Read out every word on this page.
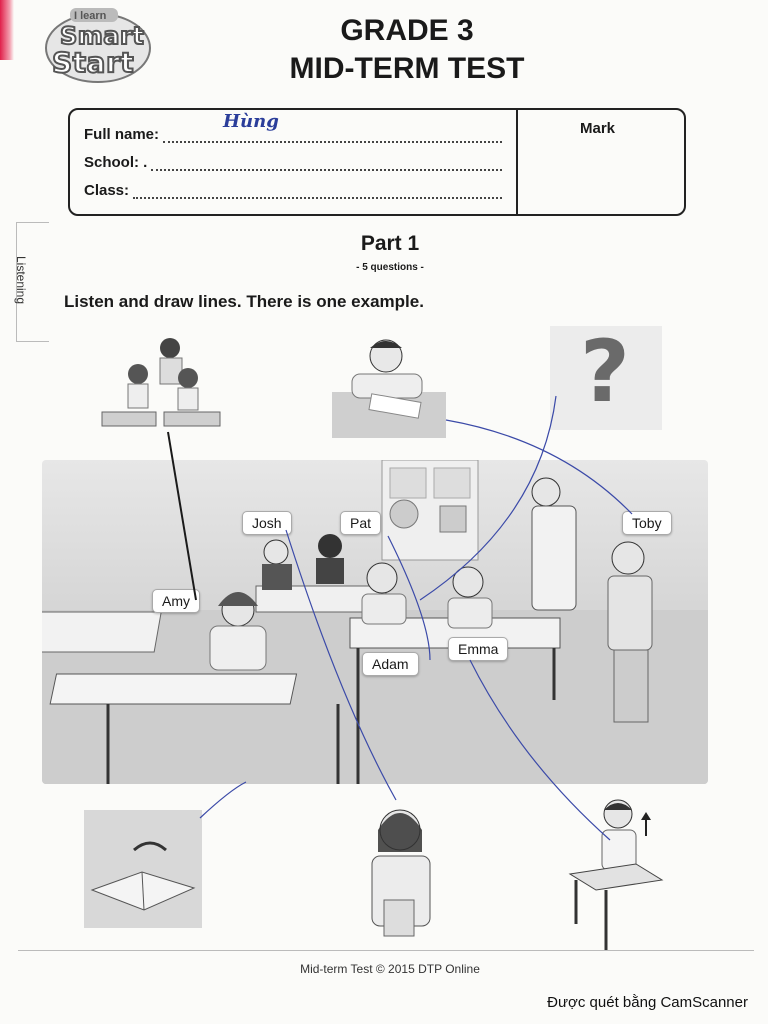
I learn
Smart
Start
GRADE 3
MID-TERM TEST
Full name:
Hùng
School: .
Class:
Mark
Listening
Part 1
- 5 questions -
Listen and draw lines. There is one example.
?
Josh	Pat	Toby
Amy
Adam
Emma
Mid-term Test © 2015 DTP Online
Được quét bằng CamScanner
